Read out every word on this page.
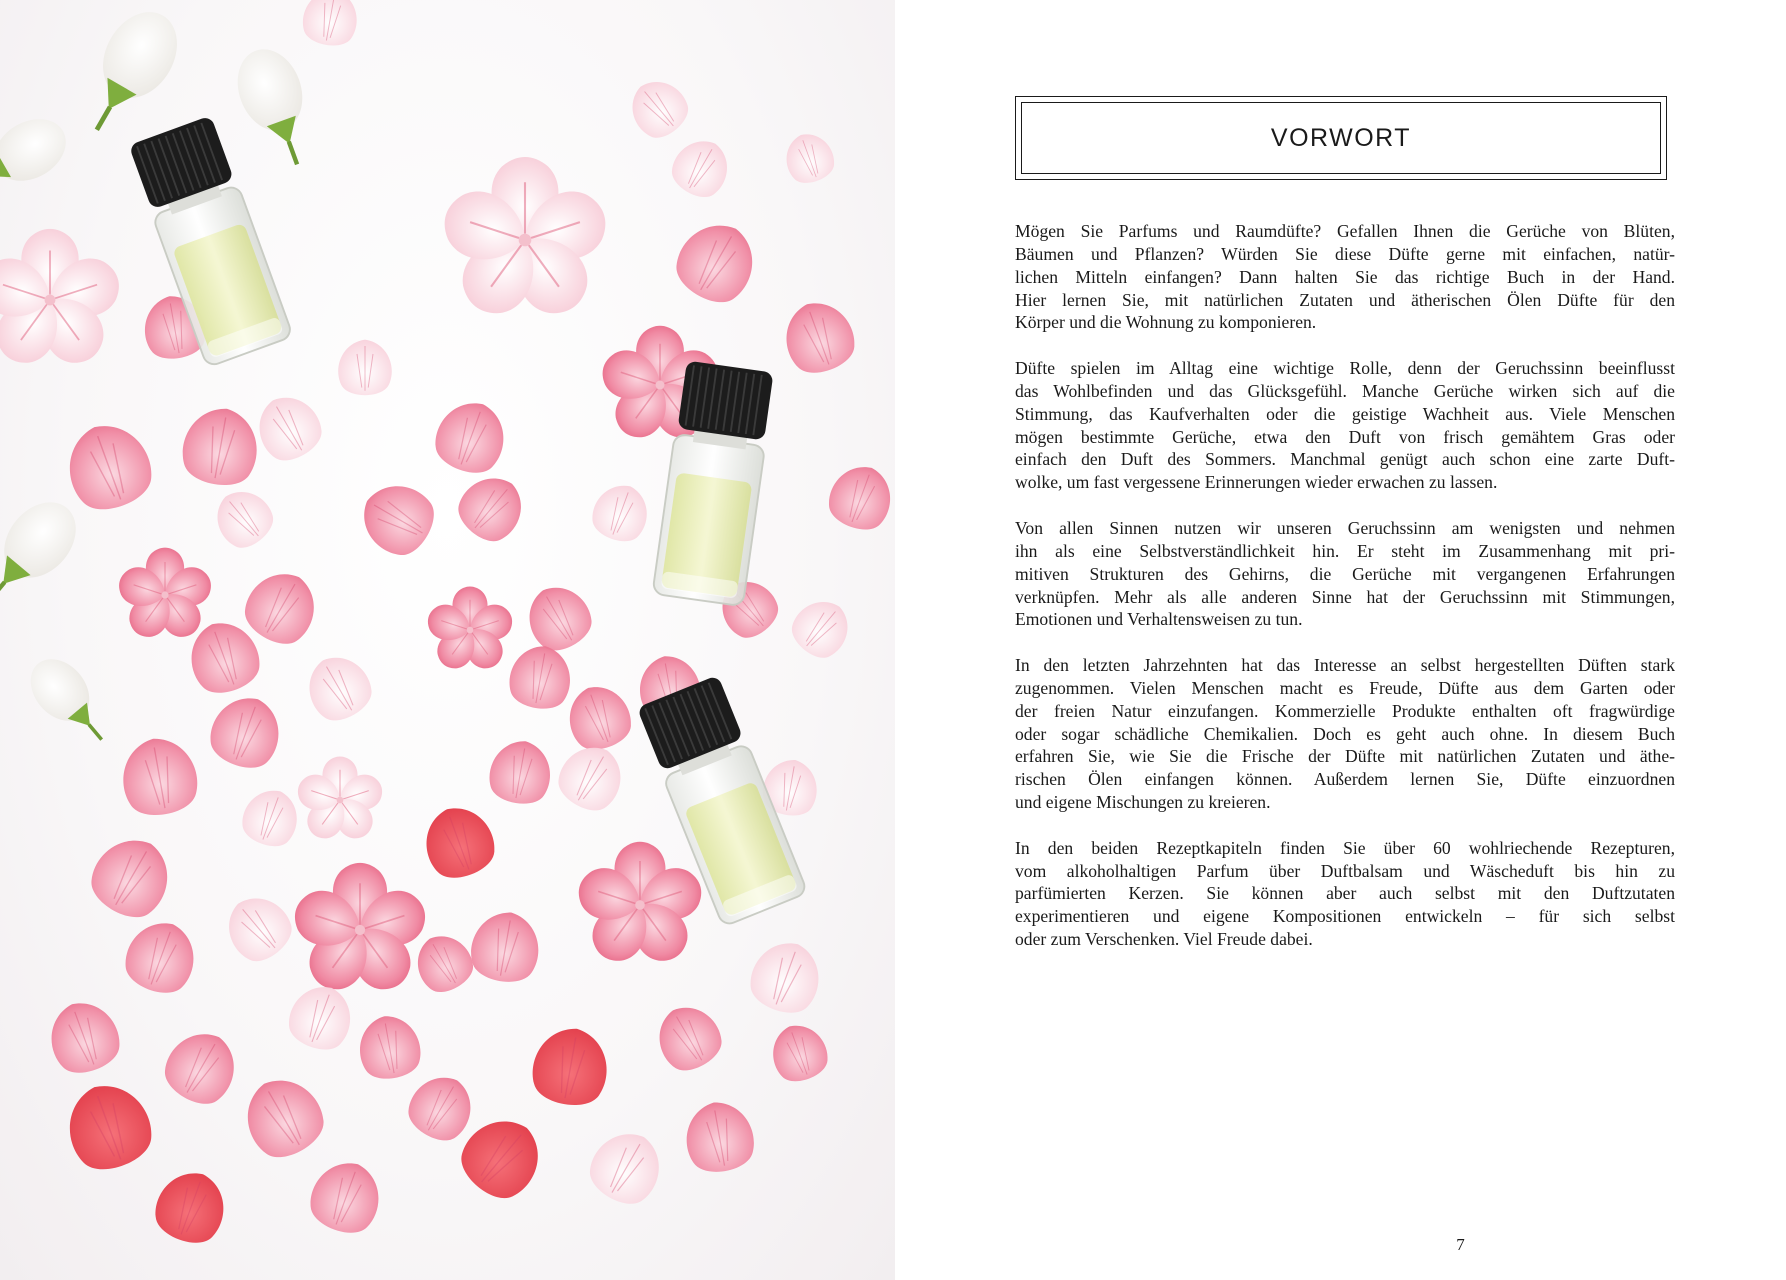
VORWORT

Mögen Sie Parfums und Raumdüfte? Gefallen Ihnen die Gerüche von Blüten,
Bäumen und Pflanzen? Würden Sie diese Düfte gerne mit einfachen, natür-
lichen Mitteln einfangen? Dann halten Sie das richtige Buch in der Hand.
Hier lernen Sie, mit natürlichen Zutaten und ätherischen Ölen Düfte für den
Körper und die Wohnung zu komponieren.

Düfte spielen im Alltag eine wichtige Rolle, denn der Geruchssinn beeinflusst
das Wohlbefinden und das Glücksgefühl. Manche Gerüche wirken sich auf die
Stimmung, das Kaufverhalten oder die geistige Wachheit aus. Viele Menschen
mögen bestimmte Gerüche, etwa den Duft von frisch gemähtem Gras oder
einfach den Duft des Sommers. Manchmal genügt auch schon eine zarte Duft-
wolke, um fast vergessene Erinnerungen wieder erwachen zu lassen.

Von allen Sinnen nutzen wir unseren Geruchssinn am wenigsten und nehmen
ihn als eine Selbstverständlichkeit hin. Er steht im Zusammenhang mit pri-
mitiven Strukturen des Gehirns, die Gerüche mit vergangenen Erfahrungen
verknüpfen. Mehr als alle anderen Sinne hat der Geruchssinn mit Stimmungen,
Emotionen und Verhaltensweisen zu tun.

In den letzten Jahrzehnten hat das Interesse an selbst hergestellten Düften stark
zugenommen. Vielen Menschen macht es Freude, Düfte aus dem Garten oder
der freien Natur einzufangen. Kommerzielle Produkte enthalten oft fragwürdige
oder sogar schädliche Chemikalien. Doch es geht auch ohne. In diesem Buch
erfahren Sie, wie Sie die Frische der Düfte mit natürlichen Zutaten und äthe-
rischen Ölen einfangen können. Außerdem lernen Sie, Düfte einzuordnen
und eigene Mischungen zu kreieren.

In den beiden Rezeptkapiteln finden Sie über 60 wohlriechende Rezepturen,
vom alkoholhaltigen Parfum über Duftbalsam und Wäscheduft bis hin zu
parfümierten Kerzen. Sie können aber auch selbst mit den Duftzutaten
experimentieren und eigene Kompositionen entwickeln – für sich selbst
oder zum Verschenken. Viel Freude dabei.

7
